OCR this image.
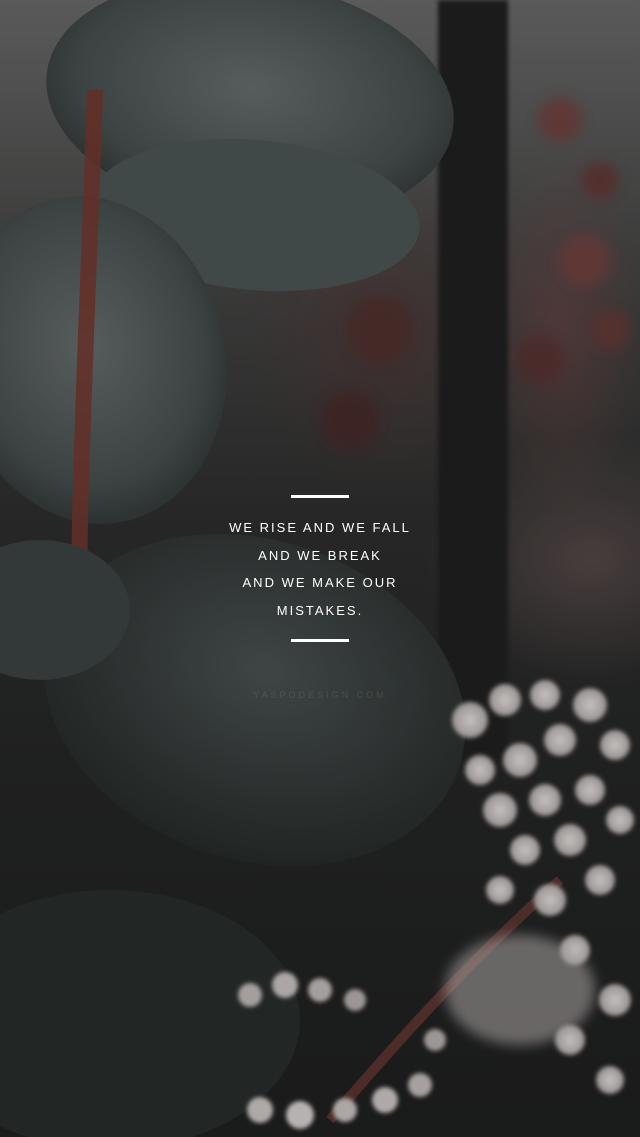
WE RISE AND WE FALL
AND WE BREAK
AND WE MAKE OUR
MISTAKES.
YASPODESIGN.COM
